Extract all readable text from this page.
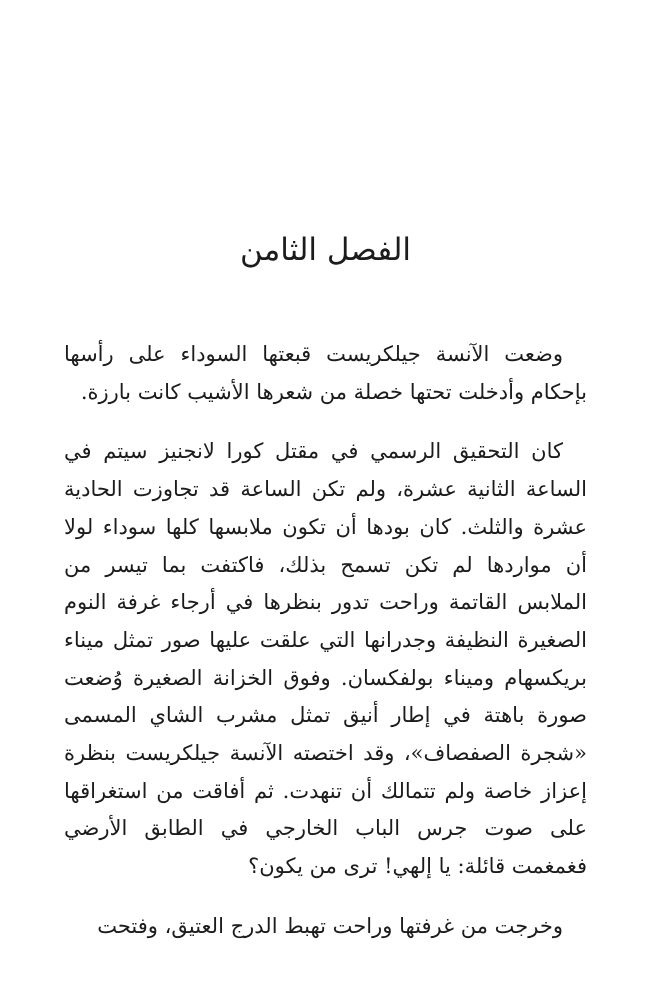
الفصل الثامن

وضعت الآنسة جيلكريست قبعتها السوداء على رأسها بإحكام وأدخلت تحتها خصلة من شعرها الأشيب كانت بارزة.

كان التحقيق الرسمي في مقتل كورا لانجنيز سيتم في الساعة الثانية عشرة، ولم تكن الساعة قد تجاوزت الحادية عشرة والثلث. كان بودها أن تكون ملابسها كلها سوداء لولا أن مواردها لم تكن تسمح بذلك، فاكتفت بما تيسر من الملابس القاتمة وراحت تدور بنظرها في أرجاء غرفة النوم الصغيرة النظيفة وجدرانها التي علقت عليها صور تمثل ميناء بريكسهام وميناء بولفكسان. وفوق الخزانة الصغيرة وُضعت صورة باهتة في إطار أنيق تمثل مشرب الشاي المسمى «شجرة الصفصاف»، وقد اختصته الآنسة جيلكريست بنظرة إعزاز خاصة ولم تتمالك أن تنهدت. ثم أفاقت من استغراقها على صوت جرس الباب الخارجي في الطابق الأرضي فغمغمت قائلة: يا إلهي! ترى من يكون؟

وخرجت من غرفتها وراحت تهبط الدرج العتيق، وفتحت
